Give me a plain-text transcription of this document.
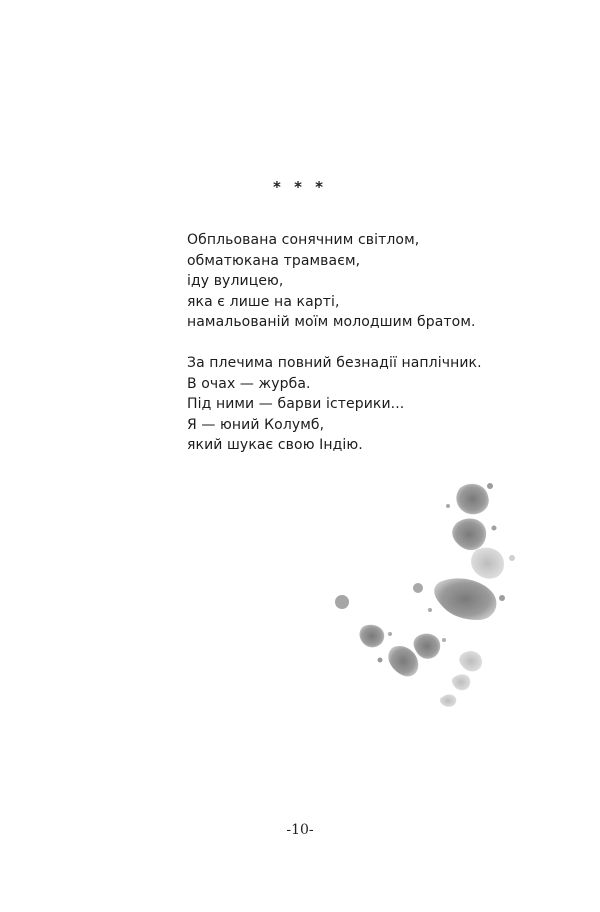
* * *
Обпльована сонячним світлом,
обматюкана трамваєм,
іду вулицею,
яка є лише на карті,
намальованій моїм молодшим братом.
За плечима повний безнадії наплічник.
В очах — журба.
Під ними — барви істерики...
Я — юний Колумб,
який шукає свою Індію.
-10-
